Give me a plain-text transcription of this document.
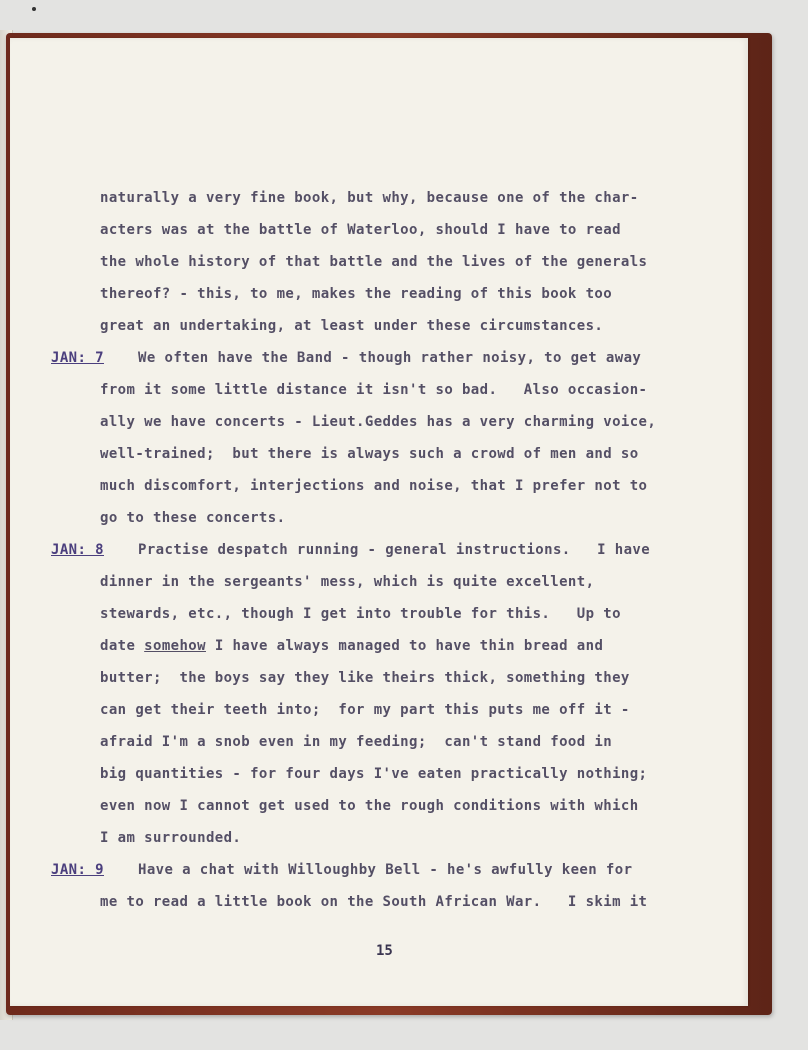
naturally a very fine book, but why, because one of the char-
acters was at the battle of Waterloo, should I have to read
the whole history of that battle and the lives of the generals
thereof? - this, to me, makes the reading of this book too
great an undertaking, at least under these circumstances.
JAN: 7 We often have the Band - though rather noisy, to get away
from it some little distance it isn't so bad.   Also occasion-
ally we have concerts - Lieut.Geddes has a very charming voice,
well-trained;  but there is always such a crowd of men and so
much discomfort, interjections and noise, that I prefer not to
go to these concerts.
JAN: 8 Practise despatch running - general instructions.   I have
dinner in the sergeants' mess, which is quite excellent,
stewards, etc., though I get into trouble for this.   Up to
date somehow I have always managed to have thin bread and
butter;  the boys say they like theirs thick, something they
can get their teeth into;  for my part this puts me off it -
afraid I'm a snob even in my feeding;  can't stand food in
big quantities - for four days I've eaten practically nothing;
even now I cannot get used to the rough conditions with which
I am surrounded.
JAN: 9 Have a chat with Willoughby Bell - he's awfully keen for
me to read a little book on the South African War.   I skim it
15
